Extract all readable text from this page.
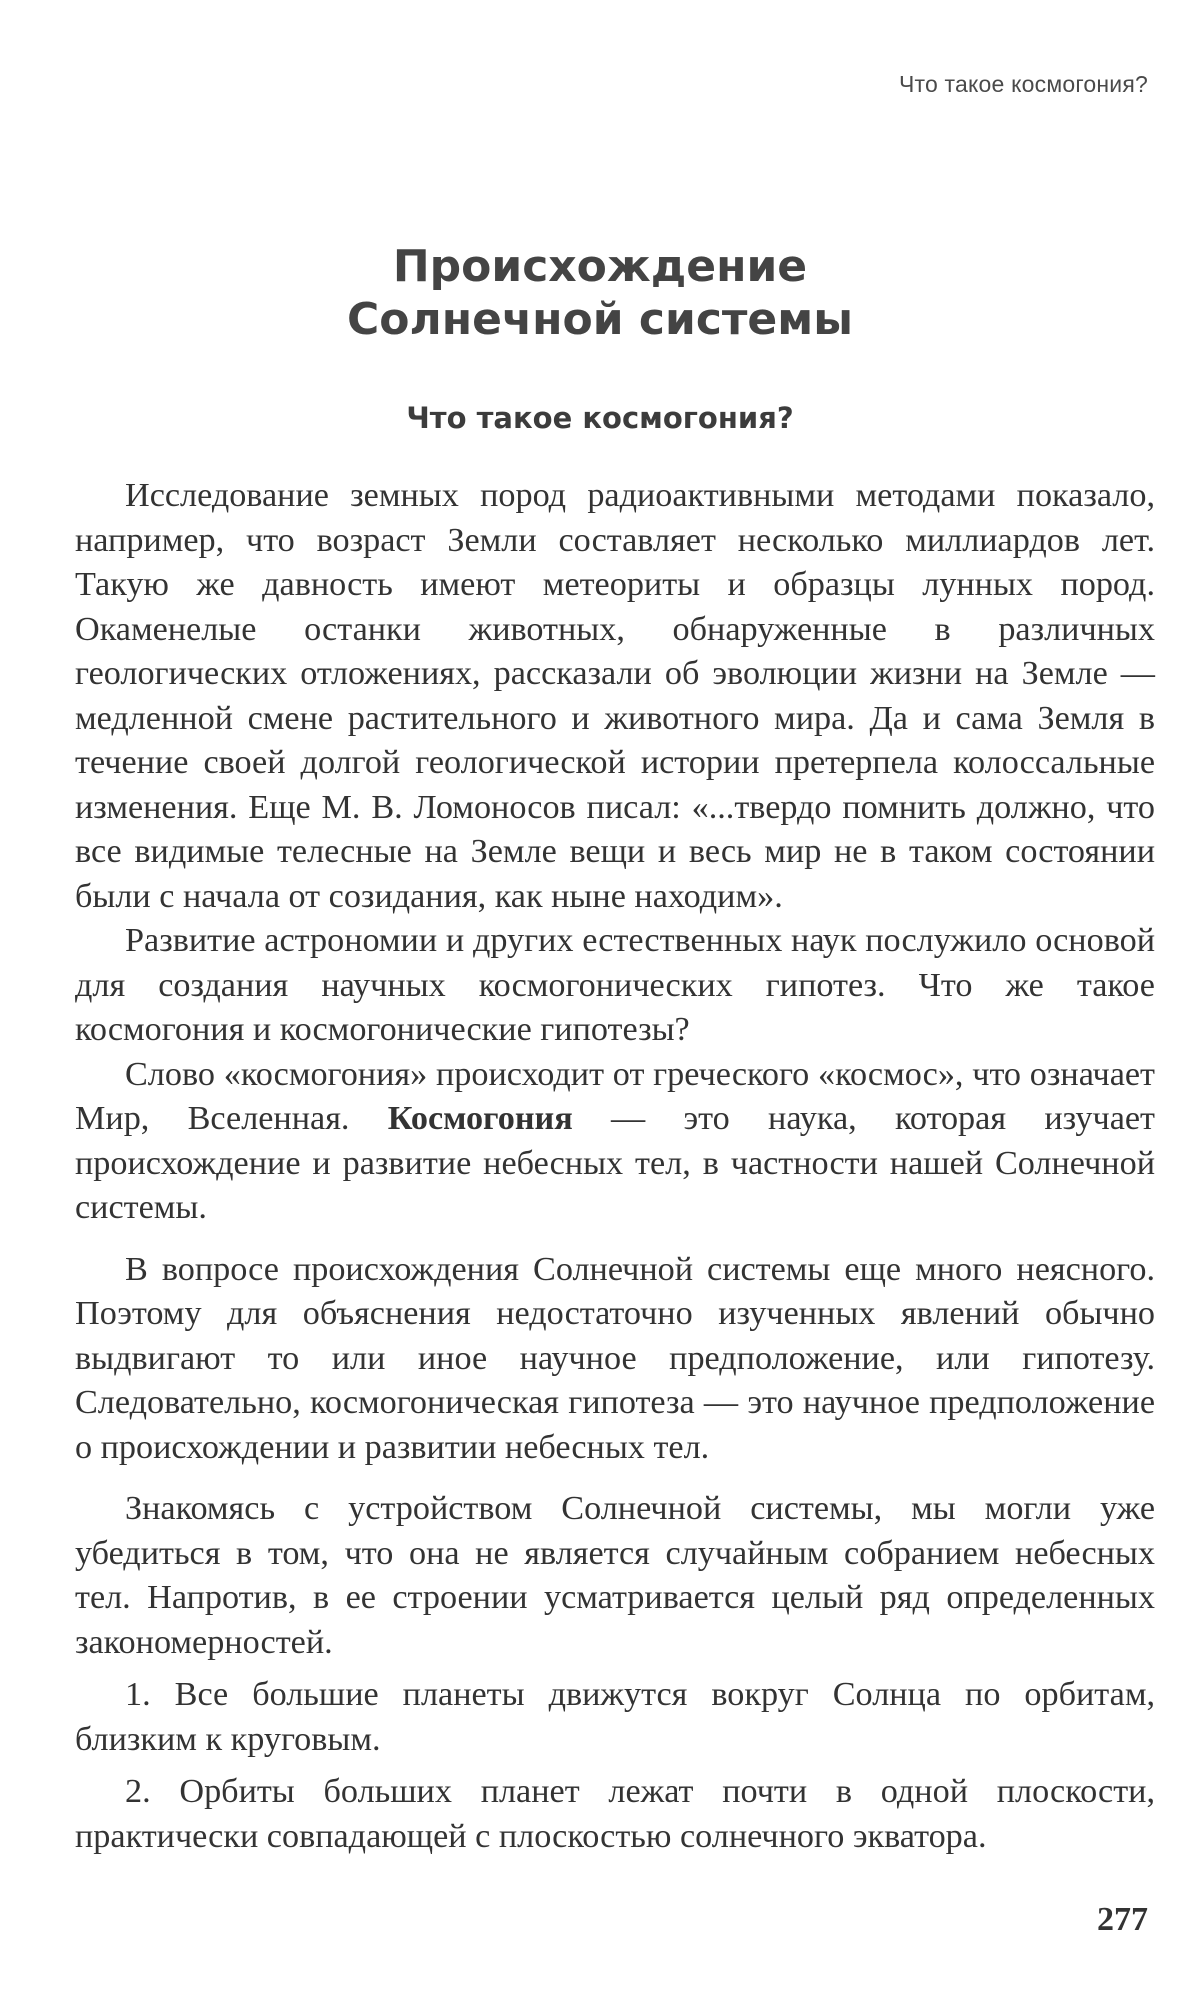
Что такое космогония?
Происхождение
Солнечной системы
Что такое космогония?

Исследование земных пород радиоактивными методами показало, например, что возраст Земли составляет несколько миллиардов лет. Такую же давность имеют метеориты и образцы лунных пород. Окаменелые останки животных, обнаруженные в различных геологических отложениях, рассказали об эволюции жизни на Земле — медленной смене растительного и животного мира. Да и сама Земля в течение своей долгой геологической истории претерпела колоссальные изменения. Еще М. В. Ломоносов писал: «...твердо помнить должно, что все видимые телесные на Земле вещи и весь мир не в таком состоянии были с начала от созидания, как ныне находим».

Развитие астрономии и других естественных наук послужило основой для создания научных космогонических гипотез. Что же такое космогония и космогонические гипотезы?

Слово «космогония» происходит от греческого «космос», что означает Мир, Вселенная. Космогония — это наука, которая изучает происхождение и развитие небесных тел, в частности нашей Солнечной системы.

В вопросе происхождения Солнечной системы еще много неясного. Поэтому для объяснения недостаточно изученных явлений обычно выдвигают то или иное научное предположение, или гипотезу. Следовательно, космогоническая гипотеза — это научное предположение о происхождении и развитии небесных тел.

Знакомясь с устройством Солнечной системы, мы могли уже убедиться в том, что она не является случайным собранием небесных тел. Напротив, в ее строении усматривается целый ряд определенных закономерностей.

1. Все большие планеты движутся вокруг Солнца по орбитам, близким к круговым.

2. Орбиты больших планет лежат почти в одной плоскости, практически совпадающей с плоскостью солнечного экватора.

277
